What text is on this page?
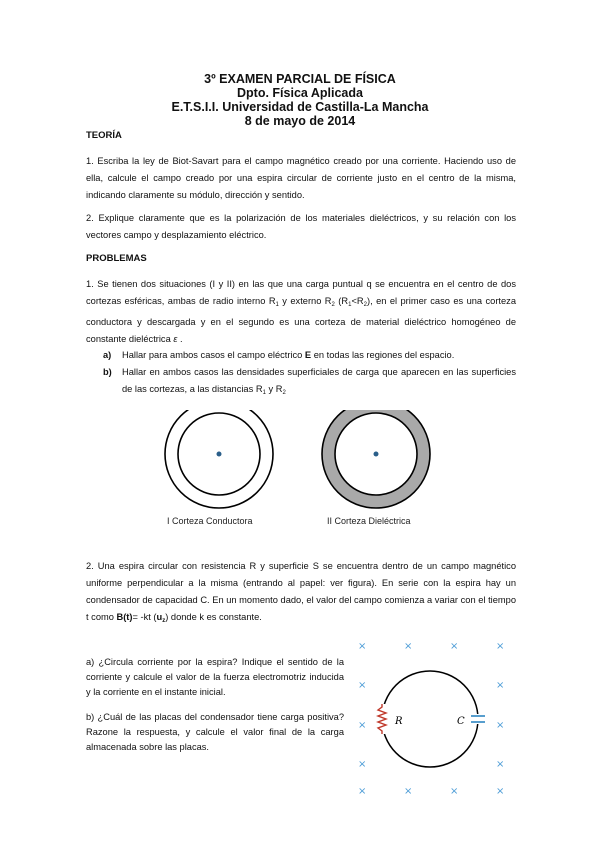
3º EXAMEN PARCIAL DE FÍSICA
Dpto. Física Aplicada
E.T.S.I.I. Universidad de Castilla-La Mancha
8 de mayo de 2014
TEORÍA
1. Escriba la ley de Biot-Savart para el campo magnético creado por una corriente. Haciendo uso de ella, calcule el campo creado por una espira circular de corriente justo en el centro de la misma, indicando claramente su módulo, dirección y sentido.
2. Explique claramente que es la polarización de los materiales dieléctricos, y su relación con los vectores campo y desplazamiento eléctrico.
PROBLEMAS
1. Se tienen dos situaciones (I y II) en las que una carga puntual q se encuentra en el centro de dos cortezas esféricas, ambas de radio interno $R_1$ y externo $R_2$ $(R_1<R_2)$, en el primer caso es una corteza conductora y descargada y en el segundo es una corteza de material dieléctrico homogéneo de constante dieléctrica ε .
a) Hallar para ambos casos el campo eléctrico E en todas las regiones del espacio.
b) Hallar en ambos casos las densidades superficiales de carga que aparecen en las superficies de las cortezas, a las distancias $R_1$ y $R_2$
I Corteza Conductora	II Corteza Dieléctrica
2. Una espira circular con resistencia R y superficie S se encuentra dentro de un campo magnético uniforme perpendicular a la misma (entrando al papel: ver figura). En serie con la espira hay un condensador de capacidad C. En un momento dado, el valor del campo comienza a variar con el tiempo t como B(t)= -kt $(u_z)$ donde k es constante.
a) ¿Circula corriente por la espira? Indique el sentido de la corriente y calcule el valor de la fuerza electromotriz inducida y la corriente en el instante inicial.
b) ¿Cuál de las placas del condensador tiene carga positiva? Razone la respuesta, y calcule el valor final de la carga almacenada sobre las placas.
×	×	×	×
×	×
×	×
×	×
×	×	×	×
R	C
